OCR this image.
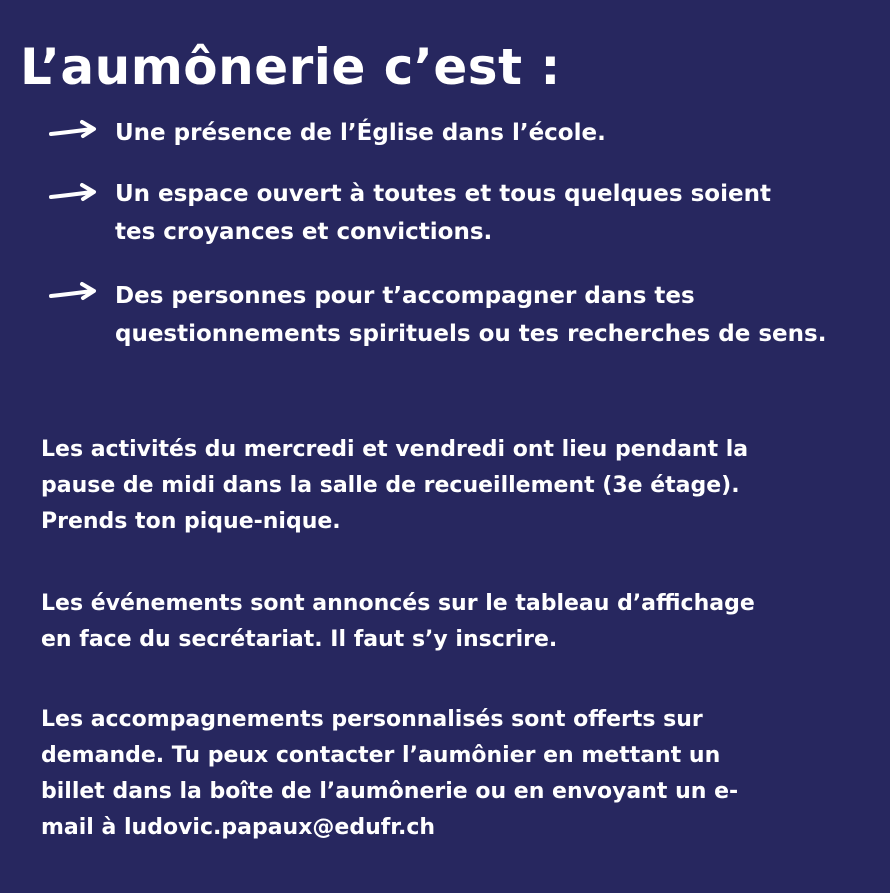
L’aumônerie c’est :

Une présence de l’Église dans l’école.

Un espace ouvert à toutes et tous quelques soient
tes croyances et convictions.

Des personnes pour t’accompagner dans tes
questionnements spirituels ou tes recherches de sens.

Les activités du mercredi et vendredi ont lieu pendant la
pause de midi dans la salle de recueillement (3e étage).
Prends ton pique-nique.

Les événements sont annoncés sur le tableau d’affichage
en face du secrétariat. Il faut s’y inscrire.

Les accompagnements personnalisés sont offerts sur
demande. Tu peux contacter l’aumônier en mettant un
billet dans la boîte de l’aumônerie ou en envoyant un e-
mail à ludovic.papaux@edufr.ch
